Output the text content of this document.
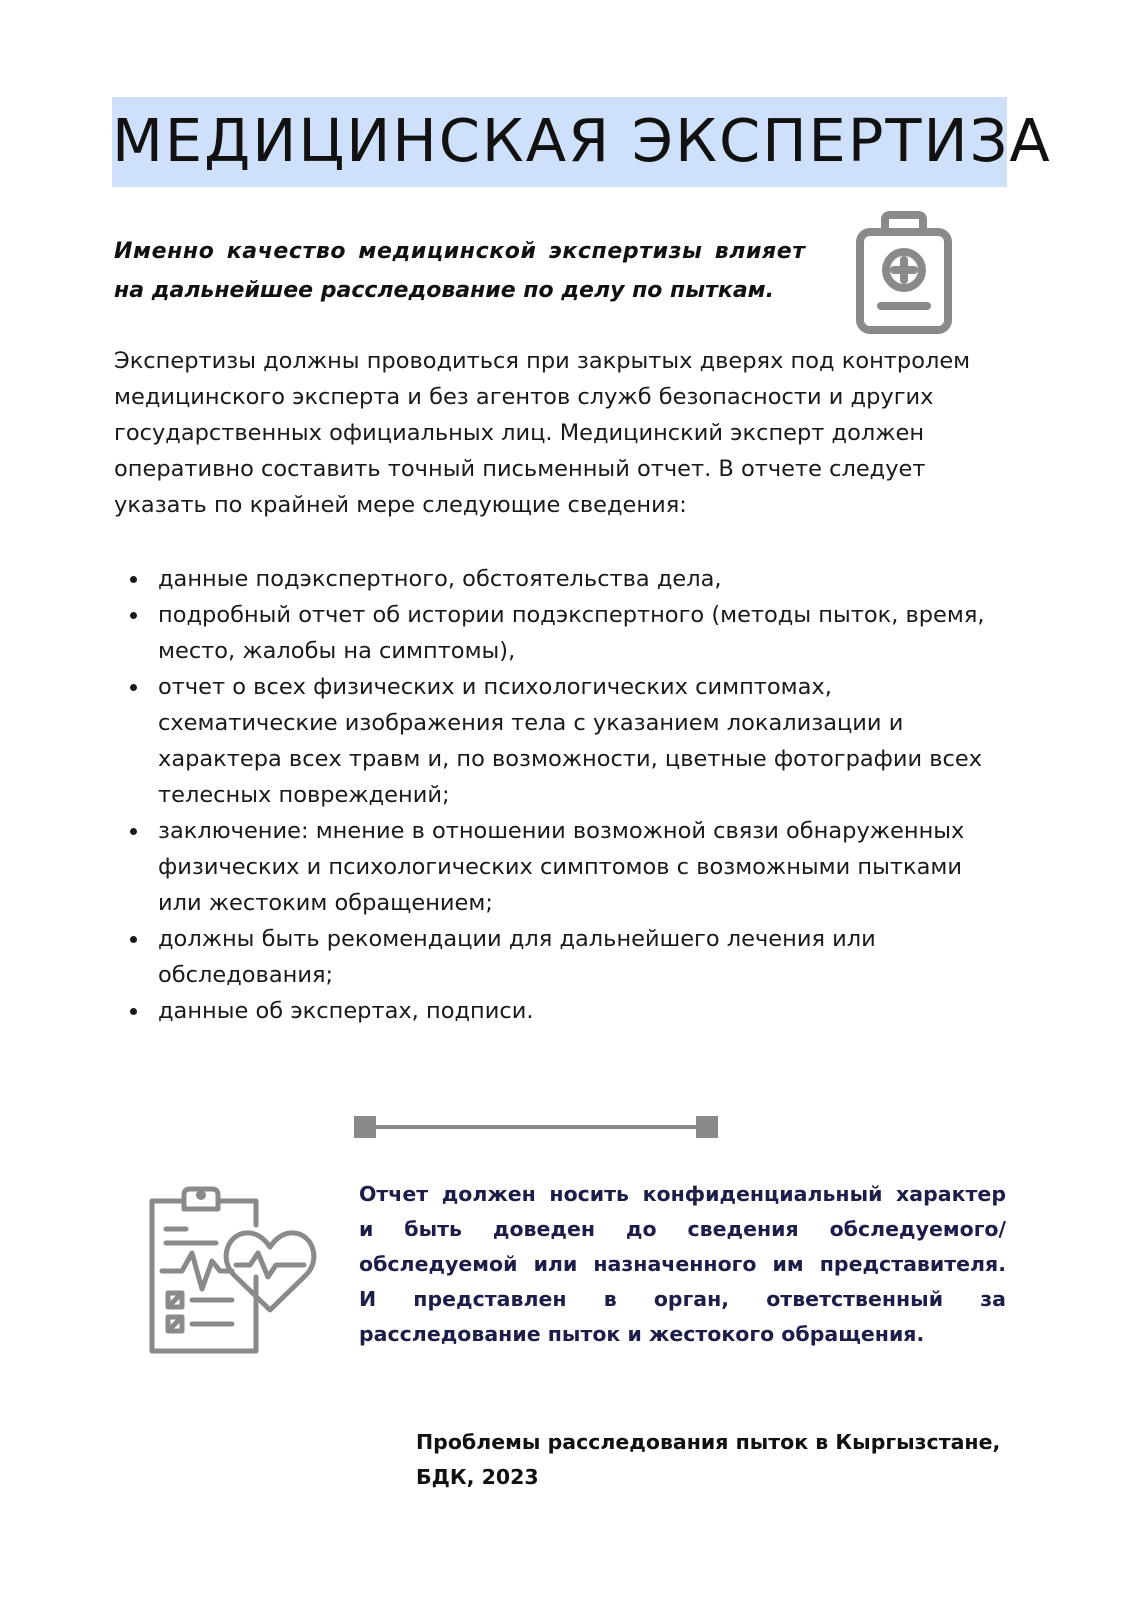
МЕДИЦИНСКАЯ ЭКСПЕРТИЗА

Именно качество медицинской экспертизы влияет
на дальнейшее расследование по делу по пыткам.

Экспертизы должны проводиться при закрытых дверях под контролем
медицинского эксперта и без агентов служб безопасности и других
государственных официальных лиц. Медицинский эксперт должен
оперативно составить точный письменный отчет. В отчете следует
указать по крайней мере следующие сведения:

данные подэкспертного, обстоятельства дела,
подробный отчет об истории подэкспертного (методы пыток, время,
место, жалобы на симптомы),
отчет о всех физических и психологических симптомах,
схематические изображения тела с указанием локализации и
характера всех травм и, по возможности, цветные фотографии всех
телесных повреждений;
заключение: мнение в отношении возможной связи обнаруженных
физических и психологических симптомов с возможными пытками
или жестоким обращением;
должны быть рекомендации для дальнейшего лечения или
обследования;
данные об экспертах, подписи.

Отчет должен носить конфиденциальный характер
и быть доведен до сведения обследуемого/
обследуемой или назначенного им представителя.
И представлен в орган, ответственный за
расследование пыток и жестокого обращения.

Проблемы расследования пыток в Кыргызстане,
БДК, 2023
